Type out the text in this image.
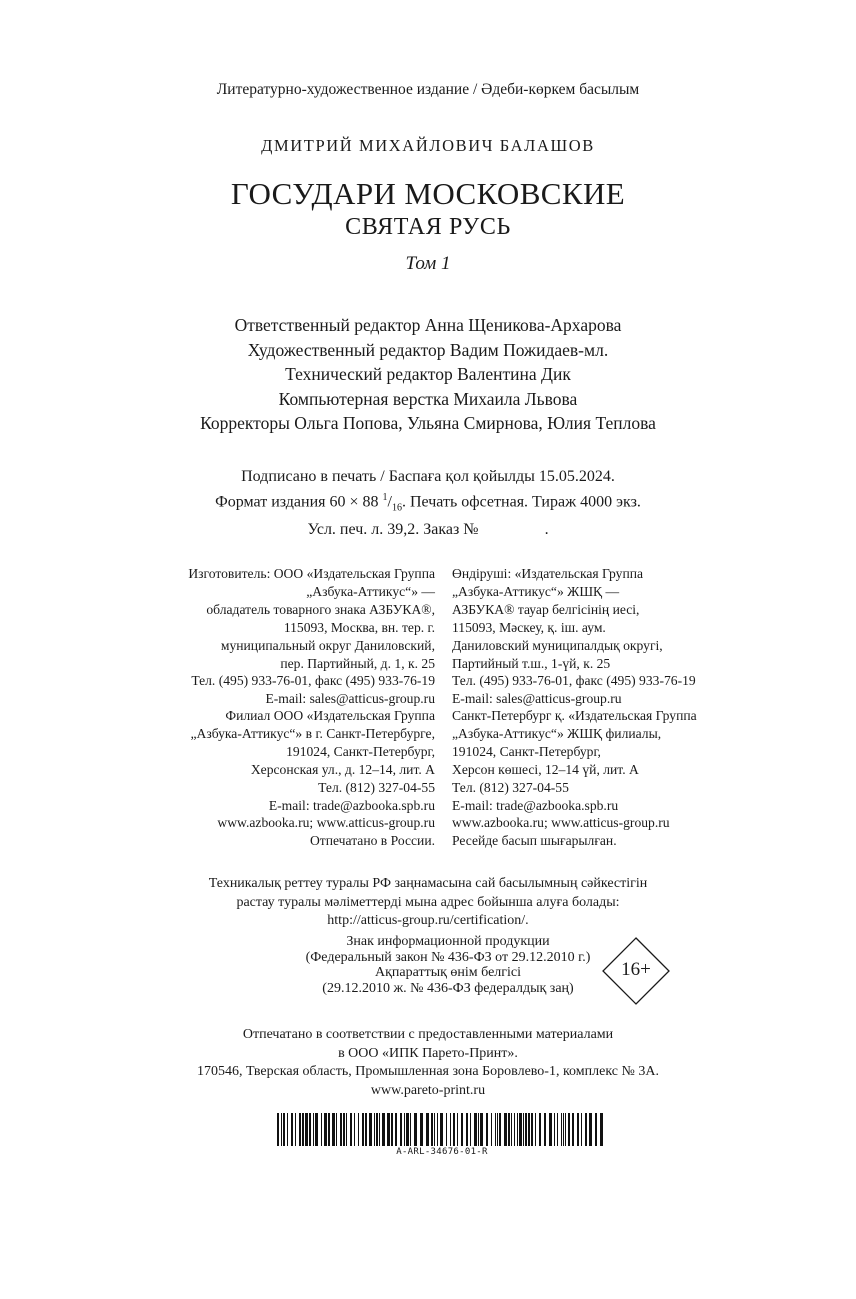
Литературно-художественное издание / Әдеби-көркем басылым
ДМИТРИЙ МИХАЙЛОВИЧ БАЛАШОВ
ГОСУДАРИ МОСКОВСКИЕ
СВЯТАЯ РУСЬ
Том 1
Ответственный редактор Анна Щеникова-Архарова
Художественный редактор Вадим Пожидаев-мл.
Технический редактор Валентина Дик
Компьютерная верстка Михаила Львова
Корректоры Ольга Попова, Ульяна Смирнова, Юлия Теплова
Подписано в печать / Баспаға қол қойылды 15.05.2024.
Формат издания 60 × 88 $^1/_{16}$. Печать офсетная. Тираж 4000 экз.
Усл. печ. л. 39,2. Заказ №	.
Изготовитель: ООО «Издательская Группа
„Азбука-Аттикус“» —
обладатель товарного знака АЗБУКА®,
115093, Москва, вн. тер. г.
муниципальный округ Даниловский,
пер. Партийный, д. 1, к. 25
Тел. (495) 933-76-01, факс (495) 933-76-19
E-mail: sales@atticus-group.ru
Өндіруші: «Издательская Группа
„Азбука-Аттикус“» ЖШҚ —
АЗБУКА® тауар белгісінің иесі,
115093, Мәскеу, қ. іш. аум.
Даниловский муниципалдық округі,
Партийный т.ш., 1-үй, к. 25
Тел. (495) 933-76-01, факс (495) 933-76-19
E-mail: sales@atticus-group.ru
Филиал ООО «Издательская Группа
„Азбука-Аттикус“» в г. Санкт-Петербурге,
191024, Санкт-Петербург,
Херсонская ул., д. 12–14, лит. А
Тел. (812) 327-04-55
E-mail: trade@azbooka.spb.ru
Санкт-Петербург қ. «Издательская Группа
„Азбука-Аттикус“» ЖШҚ филиалы,
191024, Санкт-Петербург,
Херсон көшесі, 12–14 үй, лит. А
Тел. (812) 327-04-55
E-mail: trade@azbooka.spb.ru
www.azbooka.ru; www.atticus-group.ru
Отпечатано в России.
www.azbooka.ru; www.atticus-group.ru
Ресейде басып шығарылған.
Техникалық реттеу туралы РФ заңнамасына сай басылымның сәйкестігін
растау туралы мәліметтерді мына адрес бойынша алуға болады:
http://atticus-group.ru/certification/.
Знак информационной продукции
(Федеральный закон № 436-ФЗ от 29.12.2010 г.)
Ақпараттық өнім белгісі
(29.12.2010 ж. № 436-ФЗ федералдық заң)
16+
Отпечатано в соответствии с предоставленными материалами
в ООО «ИПК Парето-Принт».
170546, Тверская область, Промышленная зона Боровлево-1, комплекс № 3А.
www.pareto-print.ru
A-ARL-34676-01-R
